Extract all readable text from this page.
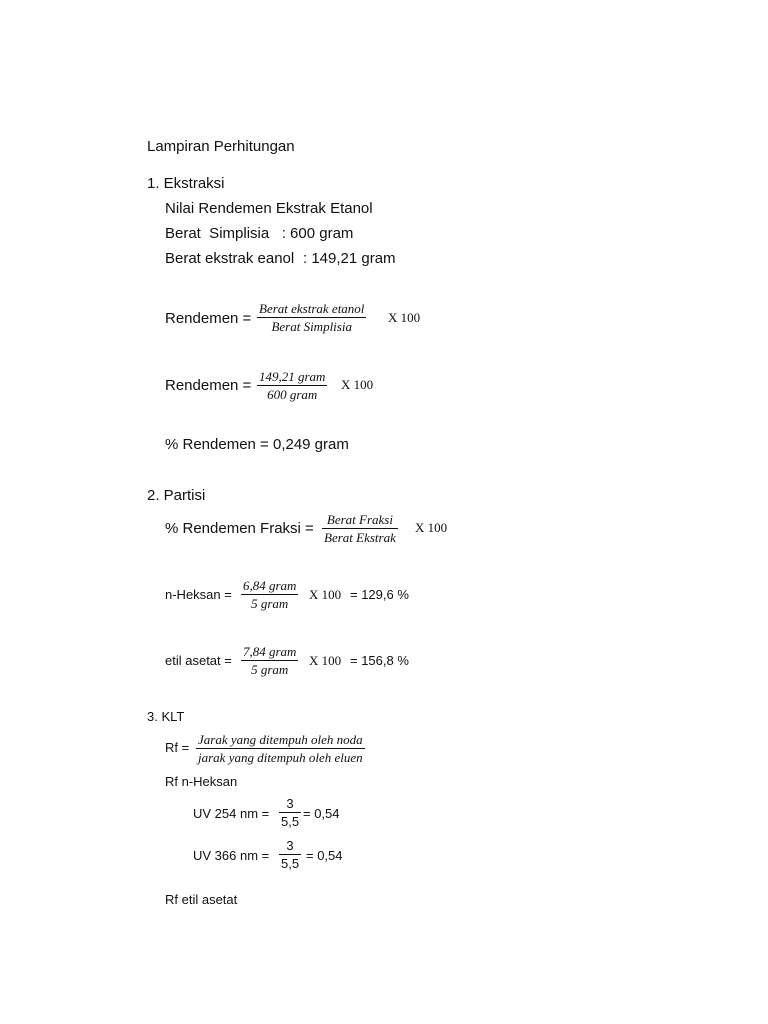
Lampiran Perhitungan
1. Ekstraksi
Nilai Rendemen Ekstrak Etanol
Berat  Simplisia   : 600 gram
Berat ekstrak eanol : 149,21 gram
Rendemen =
Berat ekstrak etanol
Berat Simplisia
X 100
Rendemen =
149,21 gram
600 gram
X 100
% Rendemen = 0,249 gram
2. Partisi
% Rendemen Fraksi =
Berat Fraksi
Berat Ekstrak
X 100
n-Heksan =
6,84 gram
5 gram
X 100 = 129,6 %
etil asetat =
7,84 gram
5 gram
X 100 = 156,8 %
3. KLT
Rf =
Jarak yang ditempuh oleh noda
jarak yang ditempuh oleh eluen
Rf n-Heksan
UV 254 nm =
3
5,5
= 0,54
UV 366 nm =
3
5,5
= 0,54
Rf etil asetat
